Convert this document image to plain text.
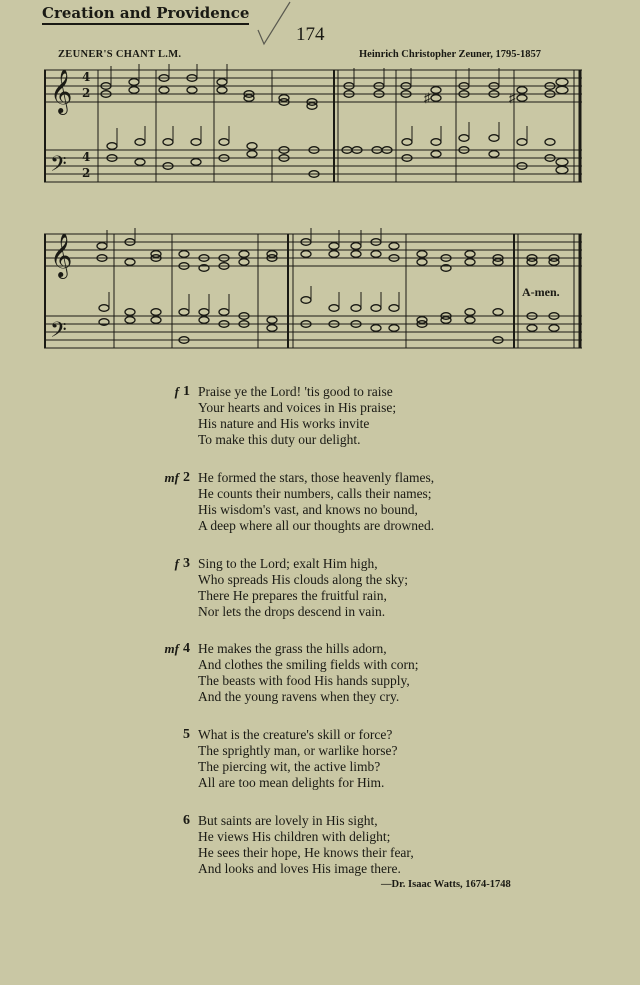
Creation and Providence
174
ZEUNER'S CHANT L.M.	Heinrich Christopher Zeuner, 1795-1857
𝄞
𝄢
4
2
4
2
♯	♯
𝄞
𝄢
A-men.
f 1 Praise ye the Lord! 'tis good to raise
Your hearts and voices in His praise;
His nature and His works invite
To make this duty our delight.
mf 2 He formed the stars, those heavenly flames,
He counts their numbers, calls their names;
His wisdom's vast, and knows no bound,
A deep where all our thoughts are drowned.
f 3 Sing to the Lord; exalt Him high,
Who spreads His clouds along the sky;
There He prepares the fruitful rain,
Nor lets the drops descend in vain.
mf 4 He makes the grass the hills adorn,
And clothes the smiling fields with corn;
The beasts with food His hands supply,
And the young ravens when they cry.
5 What is the creature's skill or force?
The sprightly man, or warlike horse?
The piercing wit, the active limb?
All are too mean delights for Him.
6 But saints are lovely in His sight,
He views His children with delight;
He sees their hope, He knows their fear,
And looks and loves His image there.
—Dr. Isaac Watts, 1674-1748
